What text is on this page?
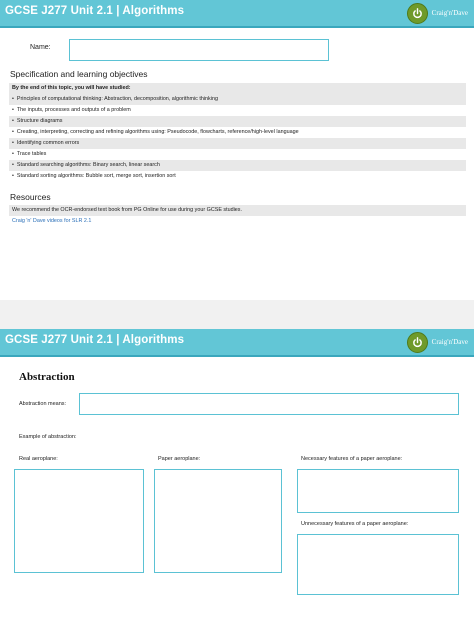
GCSE J277 Unit 2.1 | Algorithms	Craig'n'Dave
Name:
Specification and learning objectives
By the end of this topic, you will have studied:
•  Principles of computational thinking: Abstraction, decomposition, algorithmic thinking
•  The inputs, processes and outputs of a problem
•  Structure diagrams
•  Creating, interpreting, correcting and refining algorithms using: Pseudocode, flowcharts, reference/high-level language
•  Identifying common errors
•  Trace tables
•  Standard searching algorithms: Binary search, linear search
•  Standard sorting algorithms: Bubble sort, merge sort, insertion sort
Resources
We recommend the OCR-endorsed text book from PG Online for use during your GCSE studies.
Craig 'n' Dave videos for SLR 2.1
GCSE J277 Unit 2.1 | Algorithms	Craig'n'Dave
Abstraction
Abstraction means:
Example of abstraction:
Real aeroplane:	Paper aeroplane:	Necessary features of a paper aeroplane:
Unnecessary features of a paper aeroplane:
